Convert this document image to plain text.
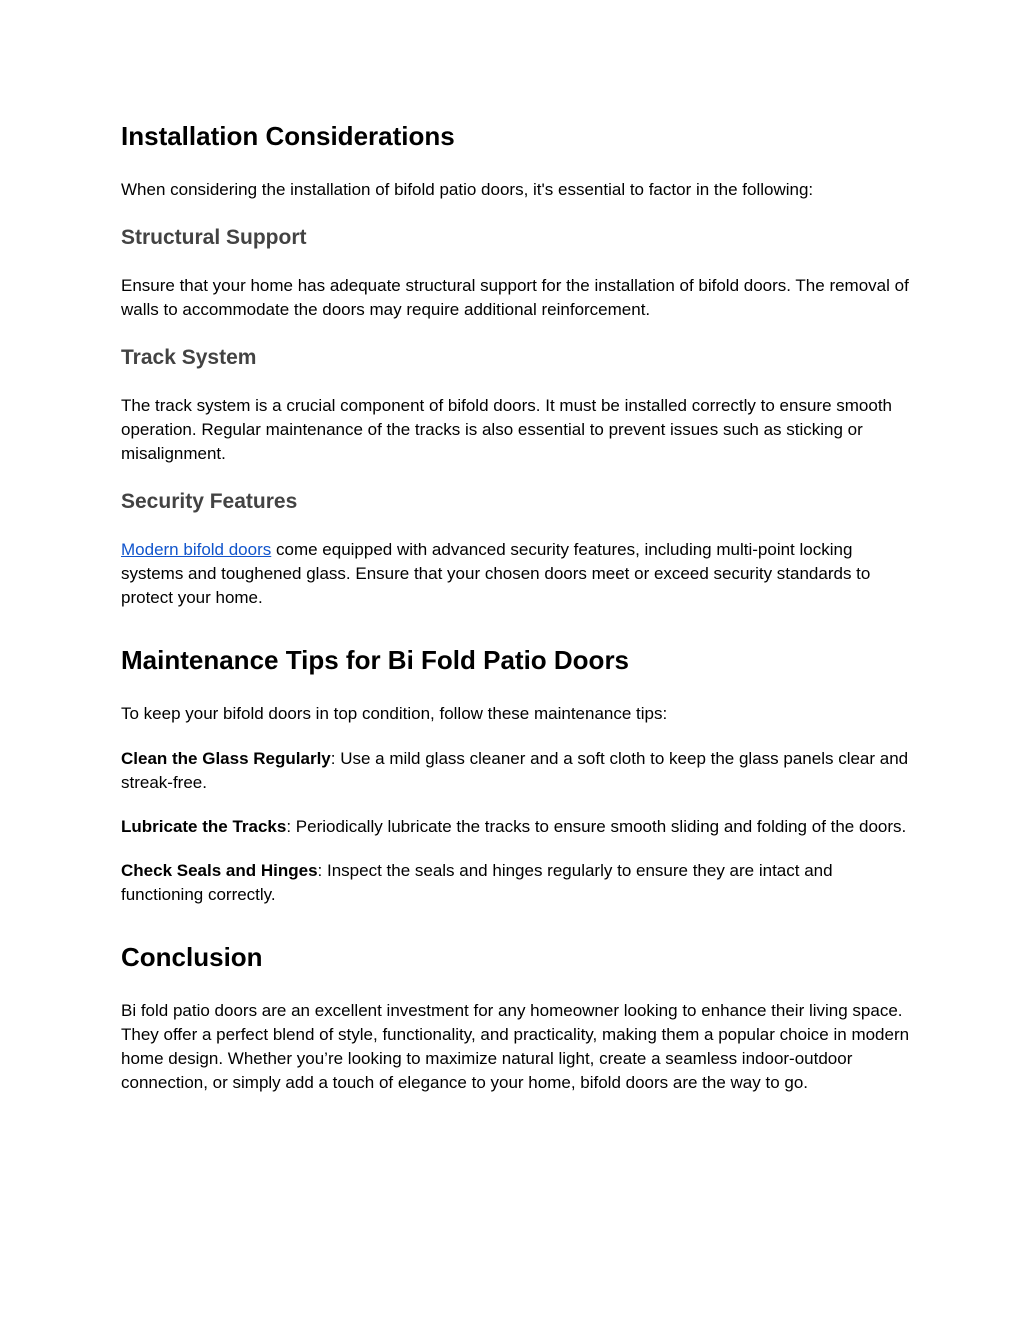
Installation Considerations

When considering the installation of bifold patio doors, it's essential to factor in the following:

Structural Support

Ensure that your home has adequate structural support for the installation of bifold doors. The removal of walls to accommodate the doors may require additional reinforcement.

Track System

The track system is a crucial component of bifold doors. It must be installed correctly to ensure smooth operation. Regular maintenance of the tracks is also essential to prevent issues such as sticking or misalignment.

Security Features

Modern bifold doors come equipped with advanced security features, including multi-point locking systems and toughened glass. Ensure that your chosen doors meet or exceed security standards to protect your home.

Maintenance Tips for Bi Fold Patio Doors

To keep your bifold doors in top condition, follow these maintenance tips:

Clean the Glass Regularly: Use a mild glass cleaner and a soft cloth to keep the glass panels clear and streak-free.

Lubricate the Tracks: Periodically lubricate the tracks to ensure smooth sliding and folding of the doors.

Check Seals and Hinges: Inspect the seals and hinges regularly to ensure they are intact and functioning correctly.

Conclusion

Bi fold patio doors are an excellent investment for any homeowner looking to enhance their living space. They offer a perfect blend of style, functionality, and practicality, making them a popular choice in modern home design. Whether you’re looking to maximize natural light, create a seamless indoor-outdoor connection, or simply add a touch of elegance to your home, bifold doors are the way to go.
